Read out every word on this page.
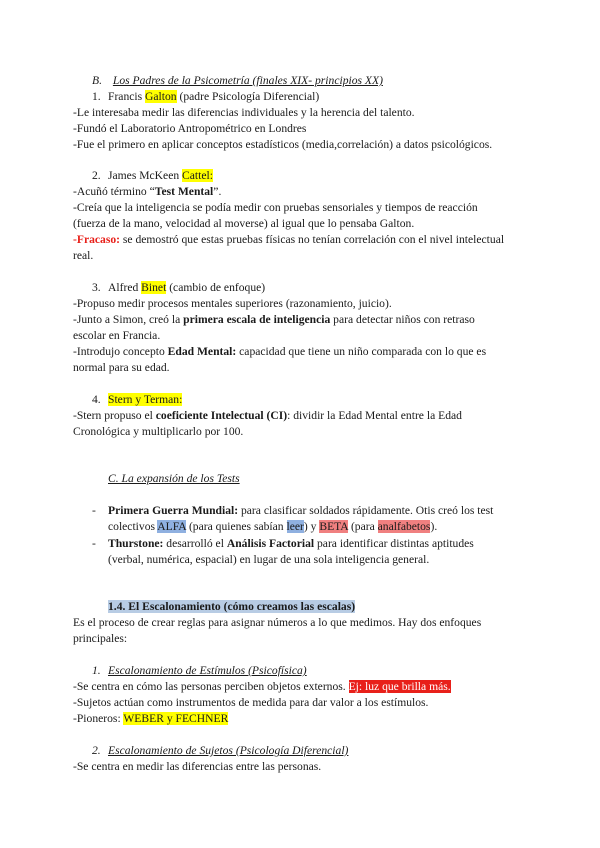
B. Los Padres de la Psicometría (finales XIX- principios XX)
1. Francis Galton (padre Psicología Diferencial)
-Le interesaba medir las diferencias individuales y la herencia del talento.
-Fundó el Laboratorio Antropométrico en Londres
-Fue el primero en aplicar conceptos estadísticos (media,correlación) a datos psicológicos.
2. James McKeen Cattel:
-Acuñó término “Test Mental”.
-Creía que la inteligencia se podía medir con pruebas sensoriales y tiempos de reacción
(fuerza de la mano, velocidad al moverse) al igual que lo pensaba Galton.
-Fracaso: se demostró que estas pruebas físicas no tenían correlación con el nivel intelectual
real.
3. Alfred Binet (cambio de enfoque)
-Propuso medir procesos mentales superiores (razonamiento, juicio).
-Junto a Simon, creó la primera escala de inteligencia para detectar niños con retraso
escolar en Francia.
-Introdujo concepto Edad Mental: capacidad que tiene un niño comparada con lo que es
normal para su edad.
4. Stern y Terman:
-Stern propuso el coeficiente Intelectual (CI): dividir la Edad Mental entre la Edad
Cronológica y multiplicarlo por 100.
C. La expansión de los Tests
- Primera Guerra Mundial: para clasificar soldados rápidamente. Otis creó los test
colectivos ALFA (para quienes sabían leer) y BETA (para analfabetos).
- Thurstone: desarrolló el Análisis Factorial para identificar distintas aptitudes
(verbal, numérica, espacial) en lugar de una sola inteligencia general.
1.4. El Escalonamiento (cómo creamos las escalas)
Es el proceso de crear reglas para asignar números a lo que medimos. Hay dos enfoques
principales:
1. Escalonamiento de Estímulos (Psicofísica)
-Se centra en cómo las personas perciben objetos externos. Ej: luz que brilla más.
-Sujetos actúan como instrumentos de medida para dar valor a los estímulos.
-Pioneros: WEBER y FECHNER
2. Escalonamiento de Sujetos (Psicología Diferencial)
-Se centra en medir las diferencias entre las personas.
